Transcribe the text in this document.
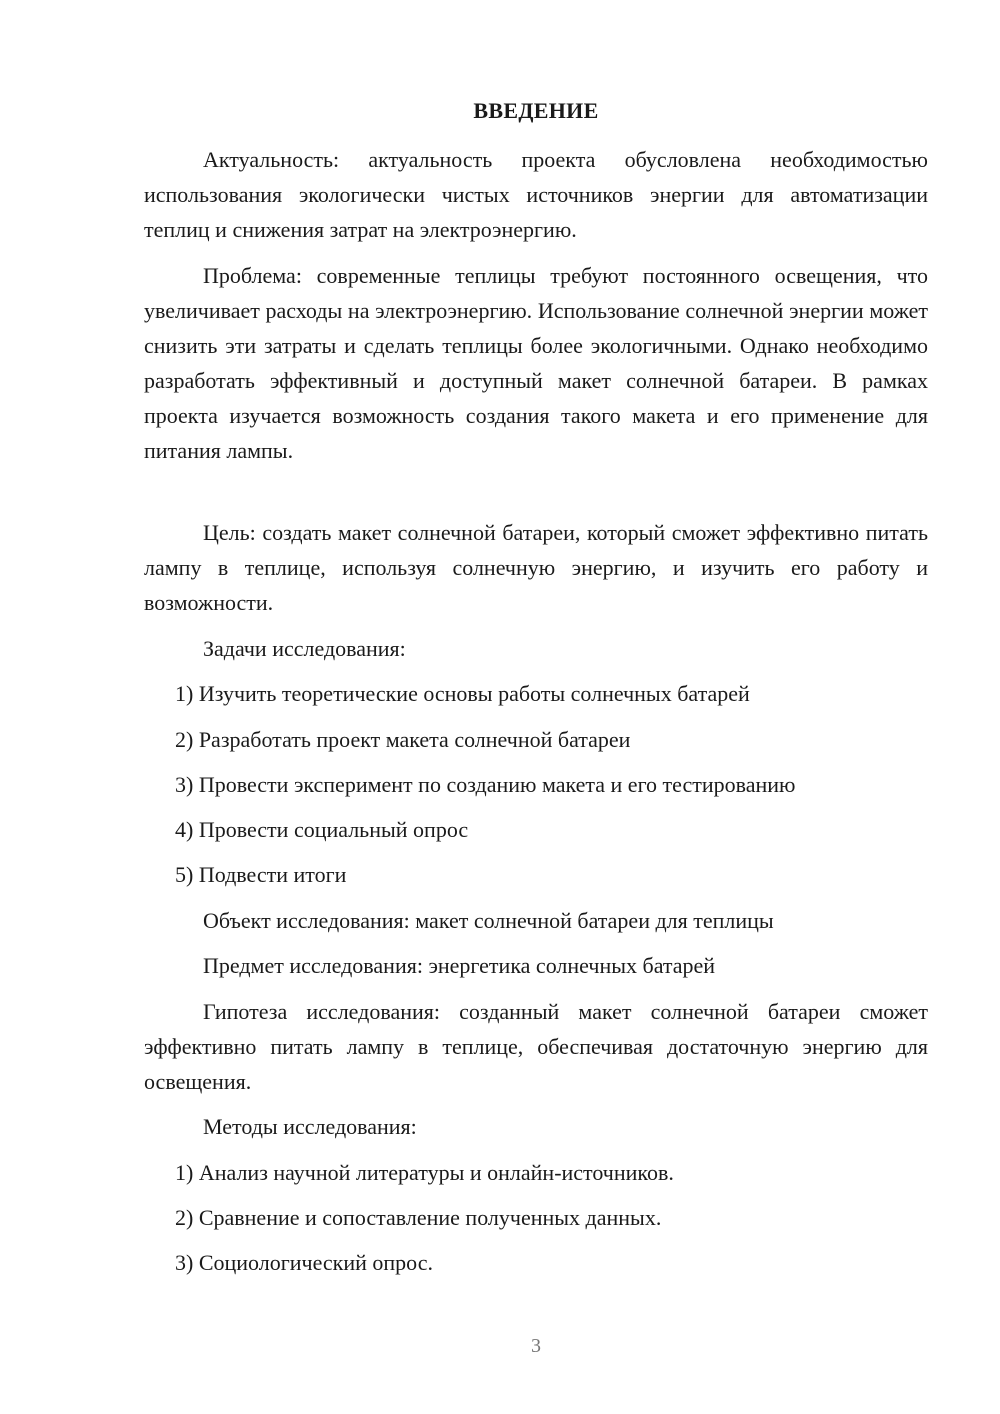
ВВЕДЕНИЕ

Актуальность: актуальность проекта обусловлена необходимостью использования экологически чистых источников энергии для автоматизации теплиц и снижения затрат на электроэнергию.

Проблема: современные теплицы требуют постоянного освещения, что увеличивает расходы на электроэнергию. Использование солнечной энергии может снизить эти затраты и сделать теплицы более экологичными. Однако необходимо разработать эффективный и доступный макет солнечной батареи. В рамках проекта изучается возможность создания такого макета и его применение для питания лампы.

Цель: создать макет солнечной батареи, который сможет эффективно питать лампу в теплице, используя солнечную энергию, и изучить его работу и возможности.

Задачи исследования:
1) Изучить теоретические основы работы солнечных батарей
2) Разработать проект макета солнечной батареи
3) Провести эксперимент по созданию макета и его тестированию
4) Провести социальный опрос
5) Подвести итоги
Объект исследования: макет солнечной батареи для теплицы
Предмет исследования: энергетика солнечных батарей

Гипотеза исследования: созданный макет солнечной батареи сможет эффективно питать лампу в теплице, обеспечивая достаточную энергию для освещения.

Методы исследования:
1) Анализ научной литературы и онлайн-источников.
2) Сравнение и сопоставление полученных данных.
3) Социологический опрос.
3
